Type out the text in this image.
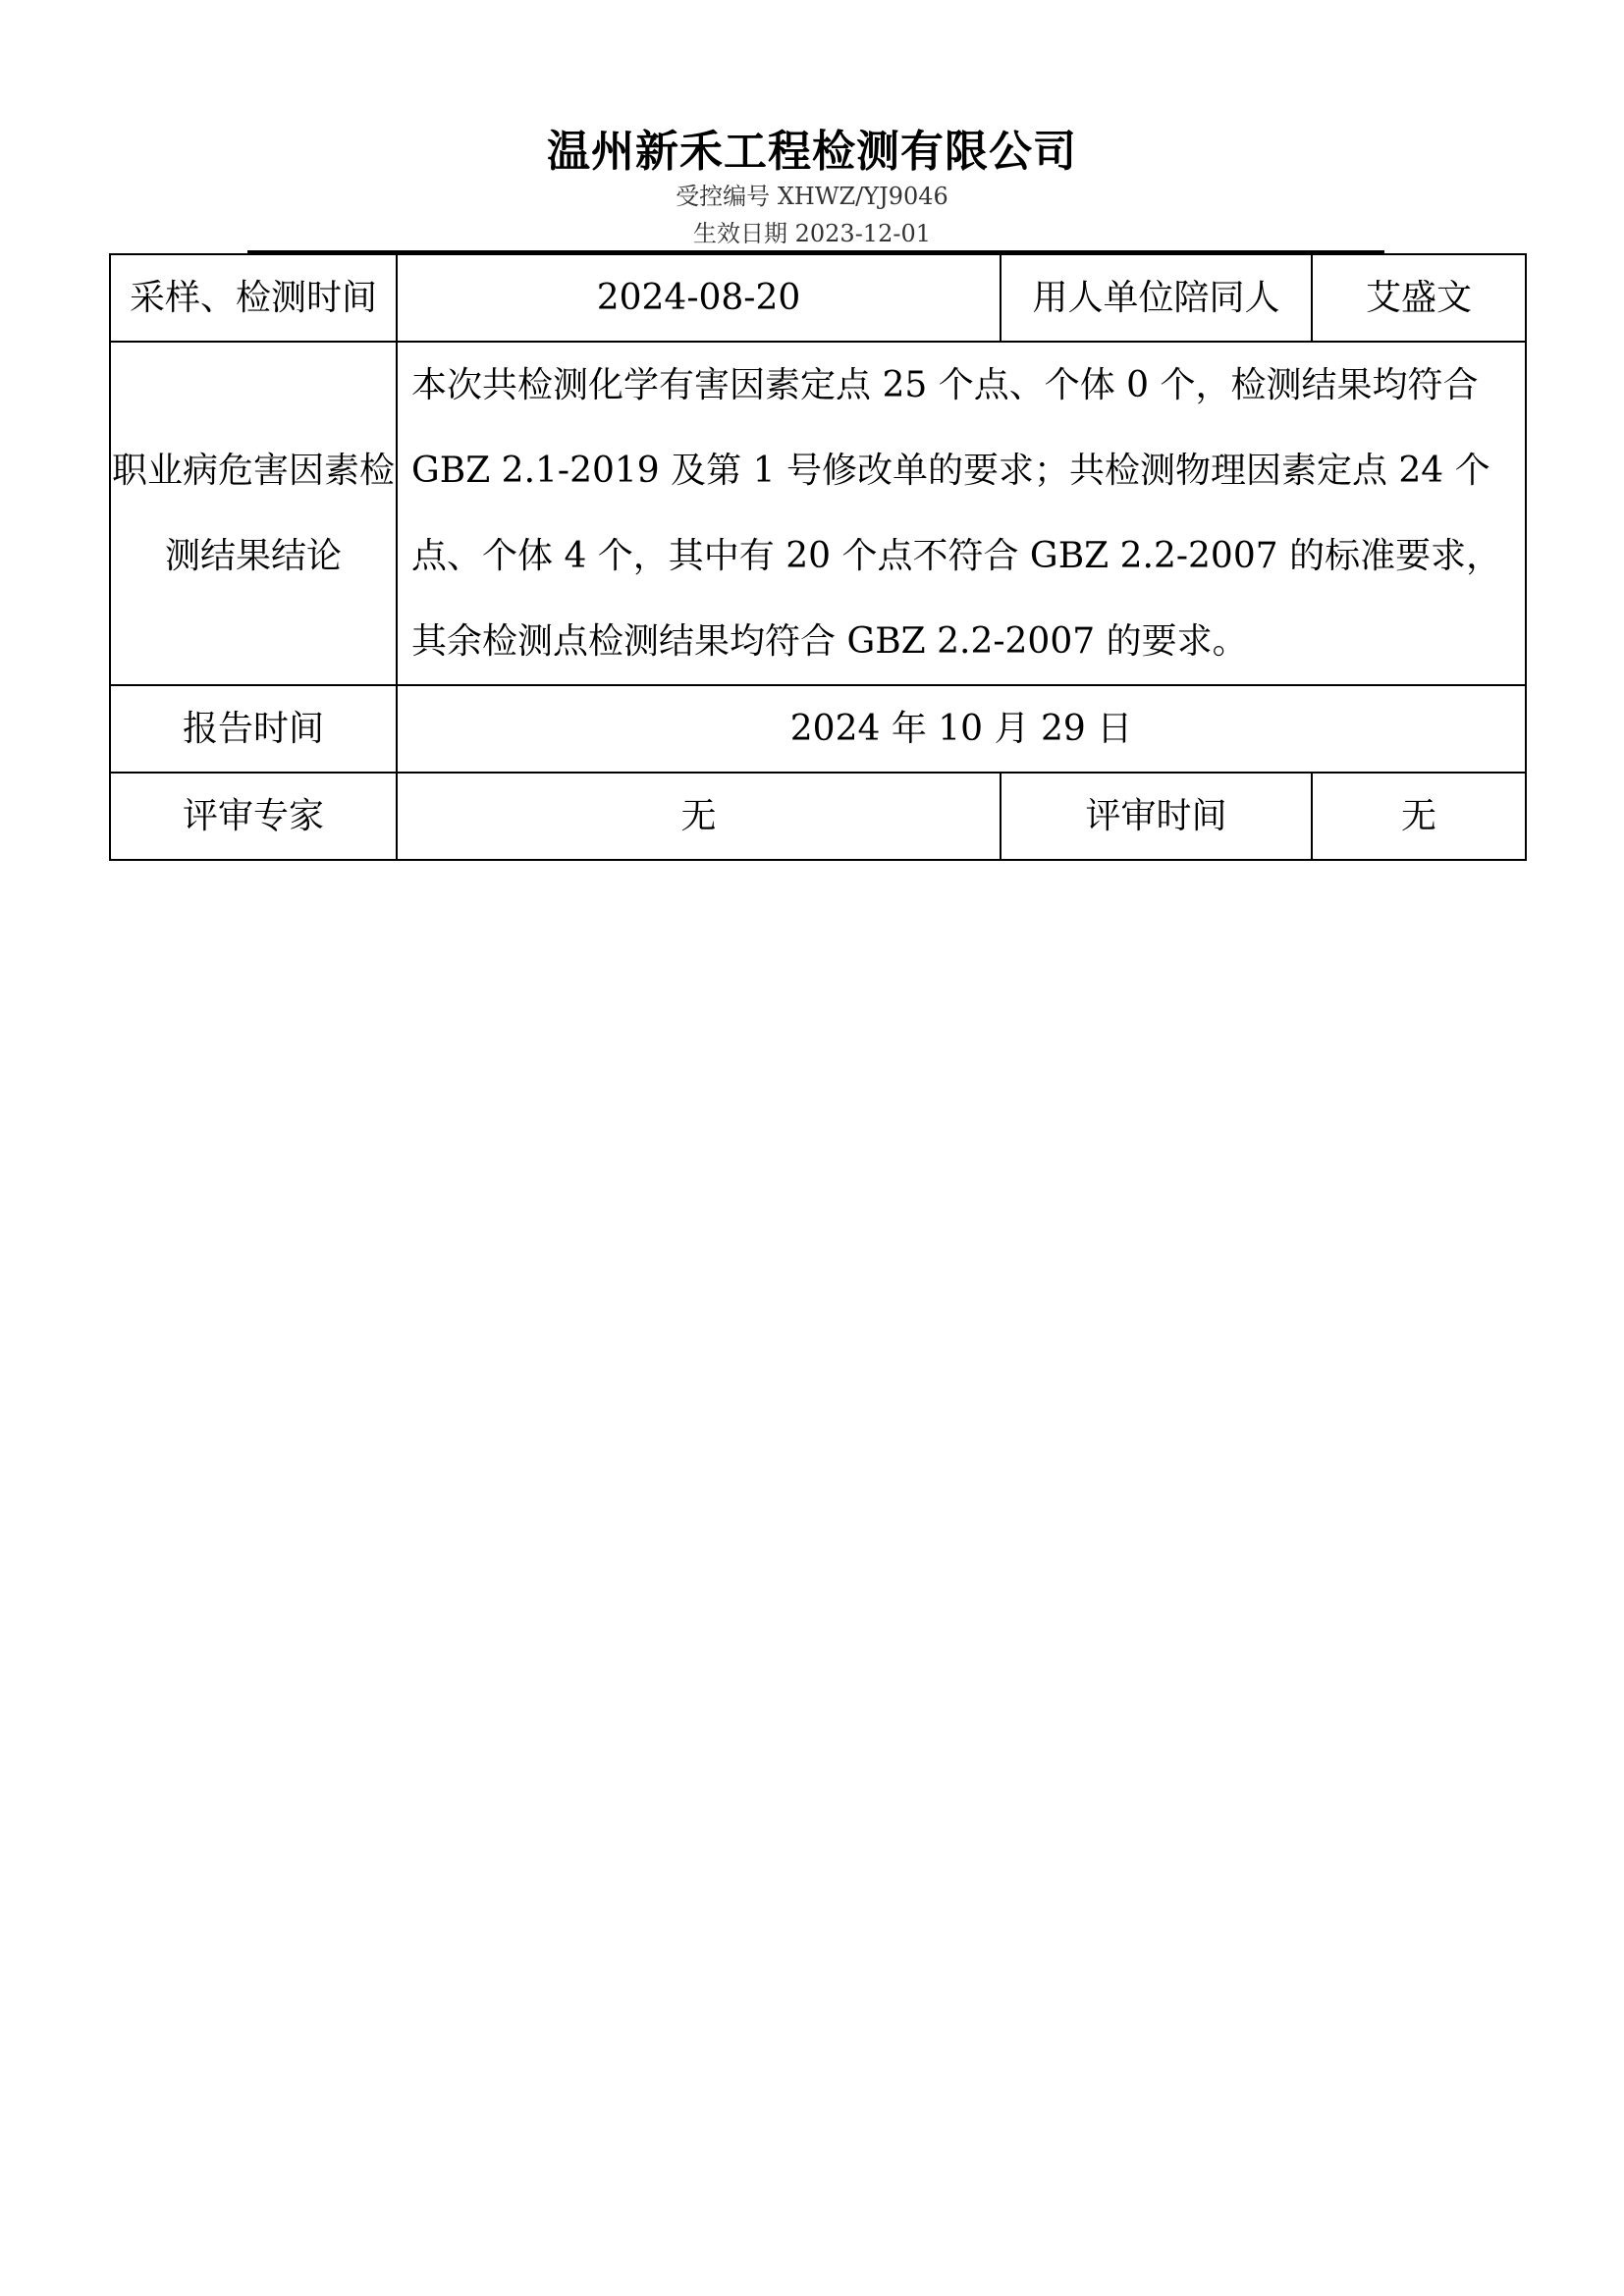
温州新禾工程检测有限公司
受控编号 XHWZ/YJ9046
生效日期 2023-12-01
采样、检测时间	2024-08-20	用人单位陪同人	艾盛文
职业病危害因素检测结果结论	本次共检测化学有害因素定点 25 个点、个体 0 个，检测结果均符合 GBZ 2.1-2019 及第 1 号修改单的要求；共检测物理因素定点 24 个点、个体 4 个，其中有 20 个点不符合 GBZ 2.2-2007 的标准要求，其余检测点检测结果均符合 GBZ 2.2-2007 的要求。		
报告时间	2024 年 10 月 29 日		
评审专家	无	评审时间	无
